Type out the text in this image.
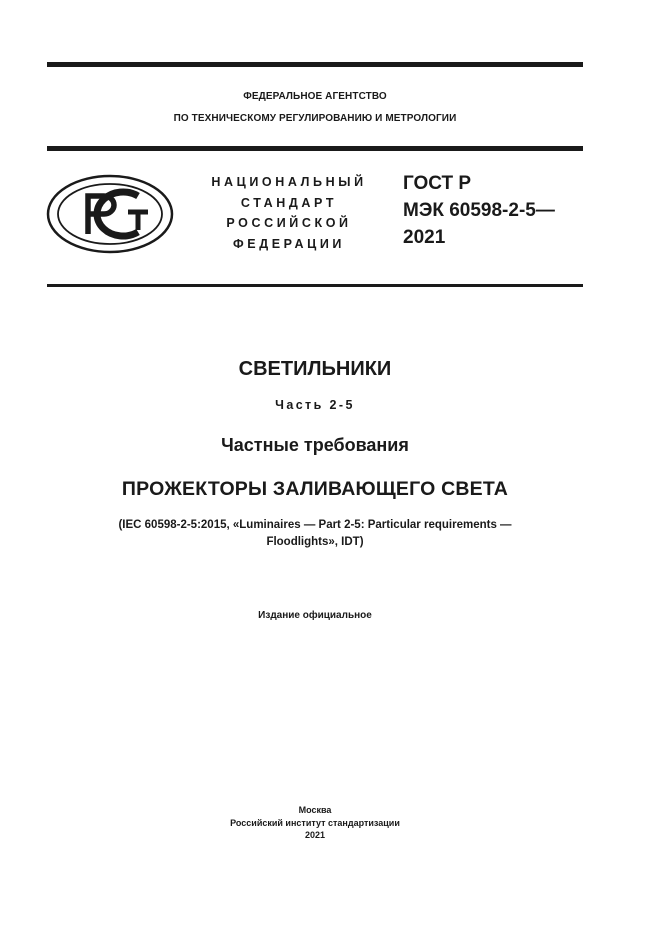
ФЕДЕРАЛЬНОЕ АГЕНТСТВО
ПО ТЕХНИЧЕСКОМУ РЕГУЛИРОВАНИЮ И МЕТРОЛОГИИ
НАЦИОНАЛЬНЫЙ
СТАНДАРТ
РОССИЙСКОЙ
ФЕДЕРАЦИИ
ГОСТ Р
МЭК 60598-2-5—
2021
СВЕТИЛЬНИКИ
Часть 2-5
Частные требования
ПРОЖЕКТОРЫ ЗАЛИВАЮЩЕГО СВЕТА
(IEC 60598-2-5:2015, «Luminaires — Part 2-5: Particular requirements —
Floodlights», IDT)
Издание официальное
Москва
Российский институт стандартизации
2021
